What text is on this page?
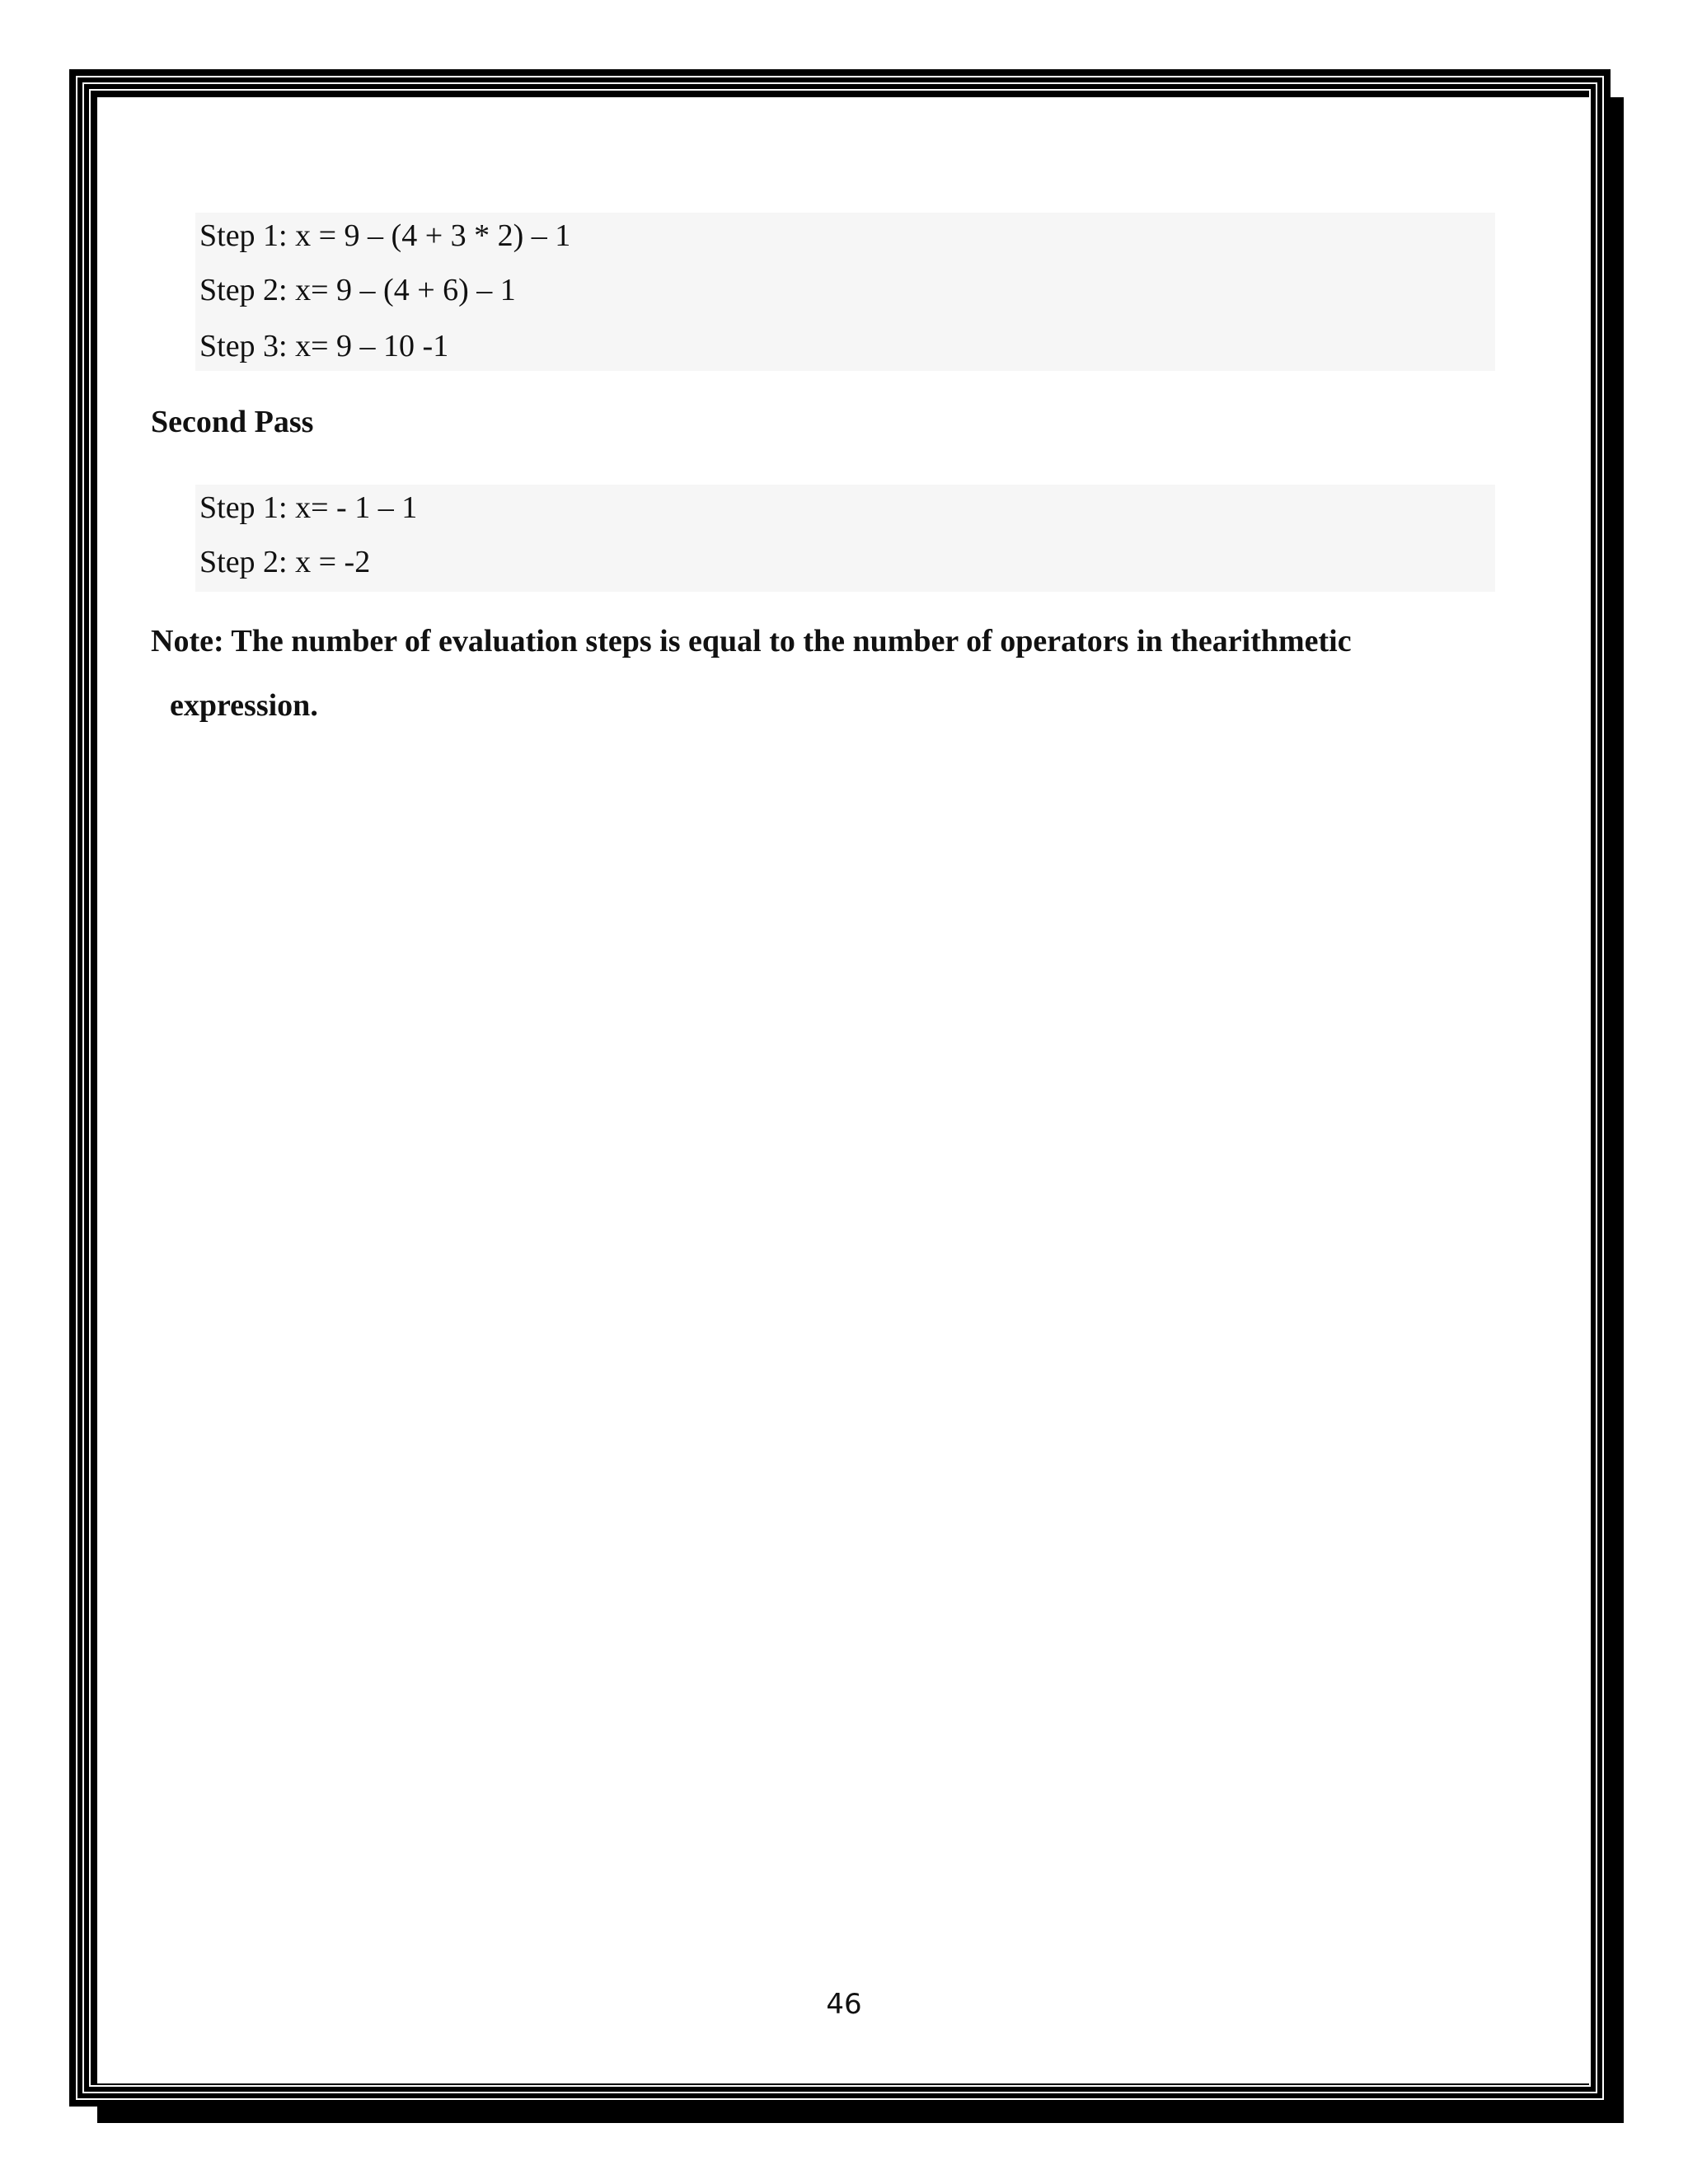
Step 1: x = 9 – (4 + 3 * 2) – 1
Step 2: x= 9 – (4 + 6) – 1
Step 3: x= 9 – 10 -1
Second Pass
Step 1: x= - 1 – 1
Step 2: x = -2
Note: The number of evaluation steps is equal to the number of operators in thearithmetic
expression.
46
